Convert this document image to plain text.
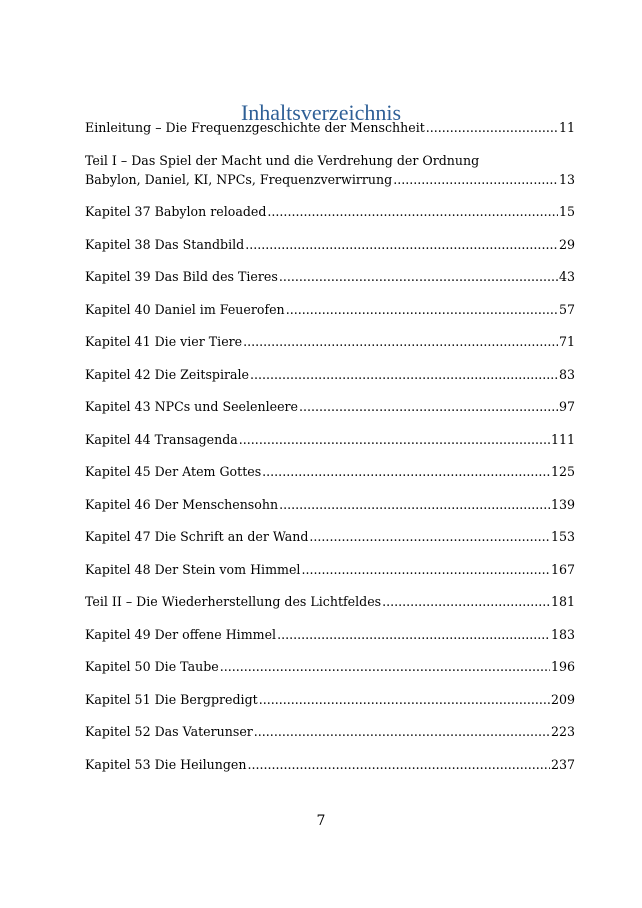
Inhaltsverzeichnis
Einleitung – Die Frequenzgeschichte der Menschheit .....	11
Teil I – Das Spiel der Macht und die Verdrehung der Ordnung
Babylon, Daniel, KI, NPCs, Frequenzverwirrung .....	13
Kapitel 37 Babylon reloaded .....	15
Kapitel 38 Das Standbild .....	29
Kapitel 39 Das Bild des Tieres .....	43
Kapitel 40 Daniel im Feuerofen .....	57
Kapitel 41 Die vier Tiere .....	71
Kapitel 42 Die Zeitspirale .....	83
Kapitel 43 NPCs und Seelenleere .....	97
Kapitel 44 Transagenda .....	111
Kapitel 45 Der Atem Gottes .....	125
Kapitel 46 Der Menschensohn .....	139
Kapitel 47 Die Schrift an der Wand .....	153
Kapitel 48 Der Stein vom Himmel .....	167
Teil II – Die Wiederherstellung des Lichtfeldes .....	181
Kapitel 49 Der offene Himmel .....	183
Kapitel 50 Die Taube .....	196
Kapitel 51 Die Bergpredigt .....	209
Kapitel 52 Das Vaterunser .....	223
Kapitel 53 Die Heilungen .....	237
7
